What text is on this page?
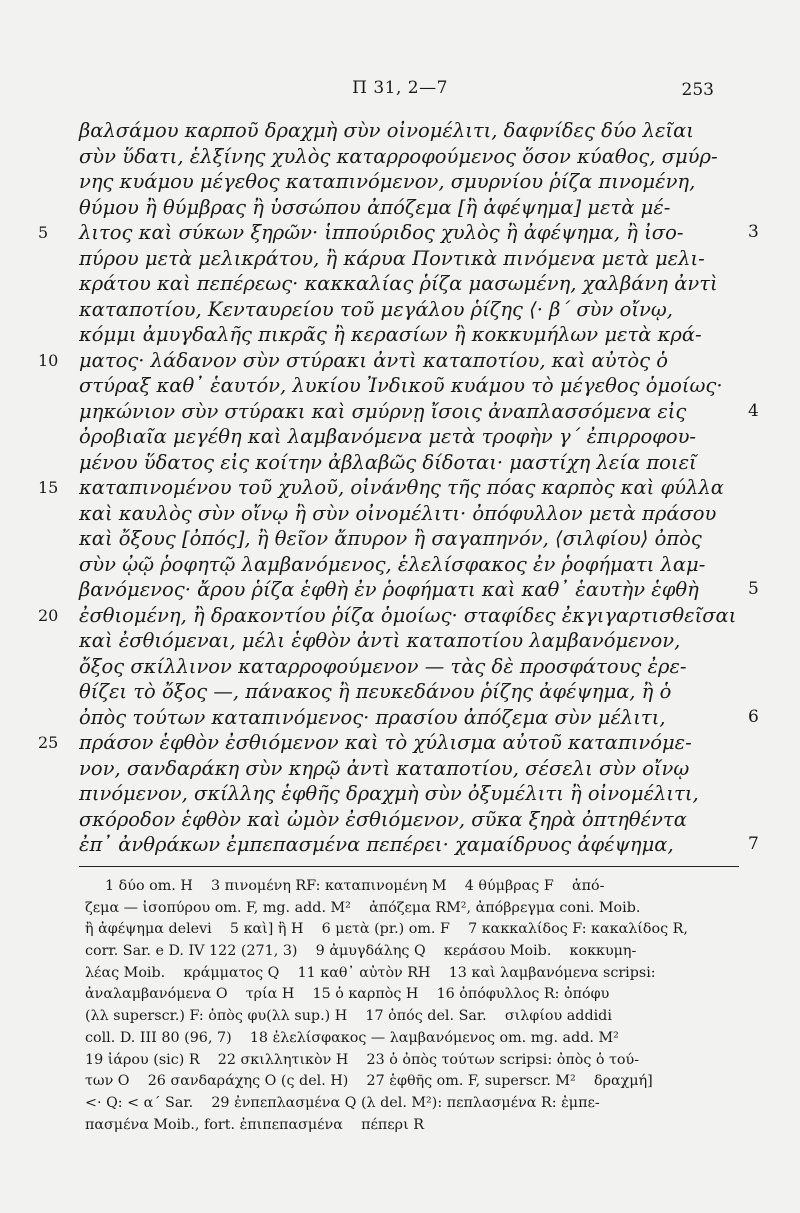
Π 31, 2—7	253
βαλσάμου καρποῦ δραχμὴ σὺν οἰνομέλιτι, δαφνίδες δύο λεῖαι
σὺν ὕδατι, ἑλξίνης χυλὸς καταρροφούμενος ὅσον κύαθος, σμύρ-
νης κυάμου μέγεθος καταπινόμενον, σμυρνίου ῥίζα πινομένη,
θύμου ἢ θύμβρας ἢ ὑσσώπου ἀπόζεμα [ἢ ἀφέψημα] μετὰ μέ-
5	λιτος καὶ σύκων ξηρῶν· ἱππούριδος χυλὸς ἢ ἀφέψημα, ἢ ἰσο-	3
πύρου μετὰ μελικράτου, ἢ κάρυα Ποντικὰ πινόμενα μετὰ μελι-
κράτου καὶ πεπέρεως· κακκαλίας ῥίζα μασωμένη, χαλβάνη ἀντὶ
καταποτίου, Κενταυρείου τοῦ μεγάλου ῥίζης ⟨· β΄ σὺν οἴνῳ,
κόμμι ἀμυγδαλῆς πικρᾶς ἢ κερασίων ἢ κοκκυμήλων μετὰ κρά-
10	ματος· λάδανον σὺν στύρακι ἀντὶ καταποτίου, καὶ αὐτὸς ὁ
στύραξ καθ᾿ ἑαυτόν, λυκίου Ἰνδικοῦ κυάμου τὸ μέγεθος ὁμοίως·
μηκώνιον σὺν στύρακι καὶ σμύρνῃ ἴσοις ἀναπλασσόμενα εἰς	4
ὀροβιαῖα μεγέθη καὶ λαμβανόμενα μετὰ τροφὴν γ΄ ἐπιρροφου-
μένου ὕδατος εἰς κοίτην ἀβλαβῶς δίδοται· μαστίχη λεία ποιεῖ
15	καταπινομένου τοῦ χυλοῦ, οἰνάνθης τῆς πόας καρπὸς καὶ φύλλα
καὶ καυλὸς σὺν οἴνῳ ἢ σὺν οἰνομέλιτι· ὀπόφυλλον μετὰ πράσου
καὶ ὄξους [ὀπός], ἢ θεῖον ἄπυρον ἢ σαγαπηνόν, ⟨σιλφίου⟩ ὀπὸς
σὺν ᾠῷ ῥοφητῷ λαμβανόμενος, ἑλελίσφακος ἐν ῥοφήματι λαμ-
βανόμενος· ἄρου ῥίζα ἑφθὴ ἐν ῥοφήματι καὶ καθ᾿ ἑαυτὴν ἑφθὴ	5
20	ἐσθιομένη, ἢ δρακοντίου ῥίζα ὁμοίως· σταφίδες ἐκγιγαρτισθεῖσαι
καὶ ἐσθιόμεναι, μέλι ἑφθὸν ἀντὶ καταποτίου λαμβανόμενον,
ὄξος σκίλλινον καταρροφούμενον — τὰς δὲ προσφάτους ἐρε-
θίζει τὸ ὄξος —, πάνακος ἢ πευκεδάνου ῥίζης ἀφέψημα, ἢ ὁ
ὀπὸς τούτων καταπινόμενος· πρασίου ἀπόζεμα σὺν μέλιτι,	6
25	πράσον ἑφθὸν ἐσθιόμενον καὶ τὸ χύλισμα αὐτοῦ καταπινόμε-
νον, σανδαράκη σὺν κηρῷ ἀντὶ καταποτίου, σέσελι σὺν οἴνῳ
πινόμενον, σκίλλης ἑφθῆς δραχμὴ σὺν ὀξυμέλιτι ἢ οἰνομέλιτι,
σκόροδον ἑφθὸν καὶ ὠμὸν ἐσθιόμενον, σῦκα ξηρὰ ὀπτηθέντα
ἐπ᾿ ἀνθράκων ἐμπεπασμένα πεπέρει· χαμαίδρυος ἀφέψημα,	7
1 δύο om. H    3 πινομένη RF: καταπινομένη M    4 θύμβρας F    ἀπό-
ζεμα — ἰσοπύρου om. F, mg. add. M²    ἀπόζεμα RM², ἀπόβρεγμα coni. Moib.
ἢ ἀφέψημα delevi    5 καὶ] ἢ H    6 μετὰ (pr.) om. F    7 κακκαλίδος F: κακαλίδος R,
corr. Sar. e D. IV 122 (271, 3)    9 ἀμυγδάλης Q    κεράσου Moib.    κοκκυμη-
λέας Moib.    κράμματος Q    11 καθ᾿ αὐτὸν RH    13 καὶ λαμβανόμενα scripsi:
ἀναλαμβανόμενα O    τρία H    15 ὁ καρπὸς H    16 ὀπόφυλλος R: ὀπόφυ
(λλ superscr.) F: ὀπὸς φυ(λλ sup.) H    17 ὀπός del. Sar.    σιλφίου addidi
coll. D. III 80 (96, 7)    18 ἐλελίσφακος — λαμβανόμενος om. mg. add. M²
19 ἰάρου (sic) R    22 σκιλλητικὸν H    23 ὁ ὀπὸς τούτων scripsi: ὀπὸς ὁ τού-
των O    26 σανδαράχης O (ς del. H)    27 ἑφθῆς om. F, superscr. M²    δραχμή]
<· Q: < α΄ Sar.    29 ἐνπεπλασμένα Q (λ del. M²): πεπλασμένα R: ἐμπε-
πασμένα Moib., fort. ἐπιπεπασμένα    πέπερι R
